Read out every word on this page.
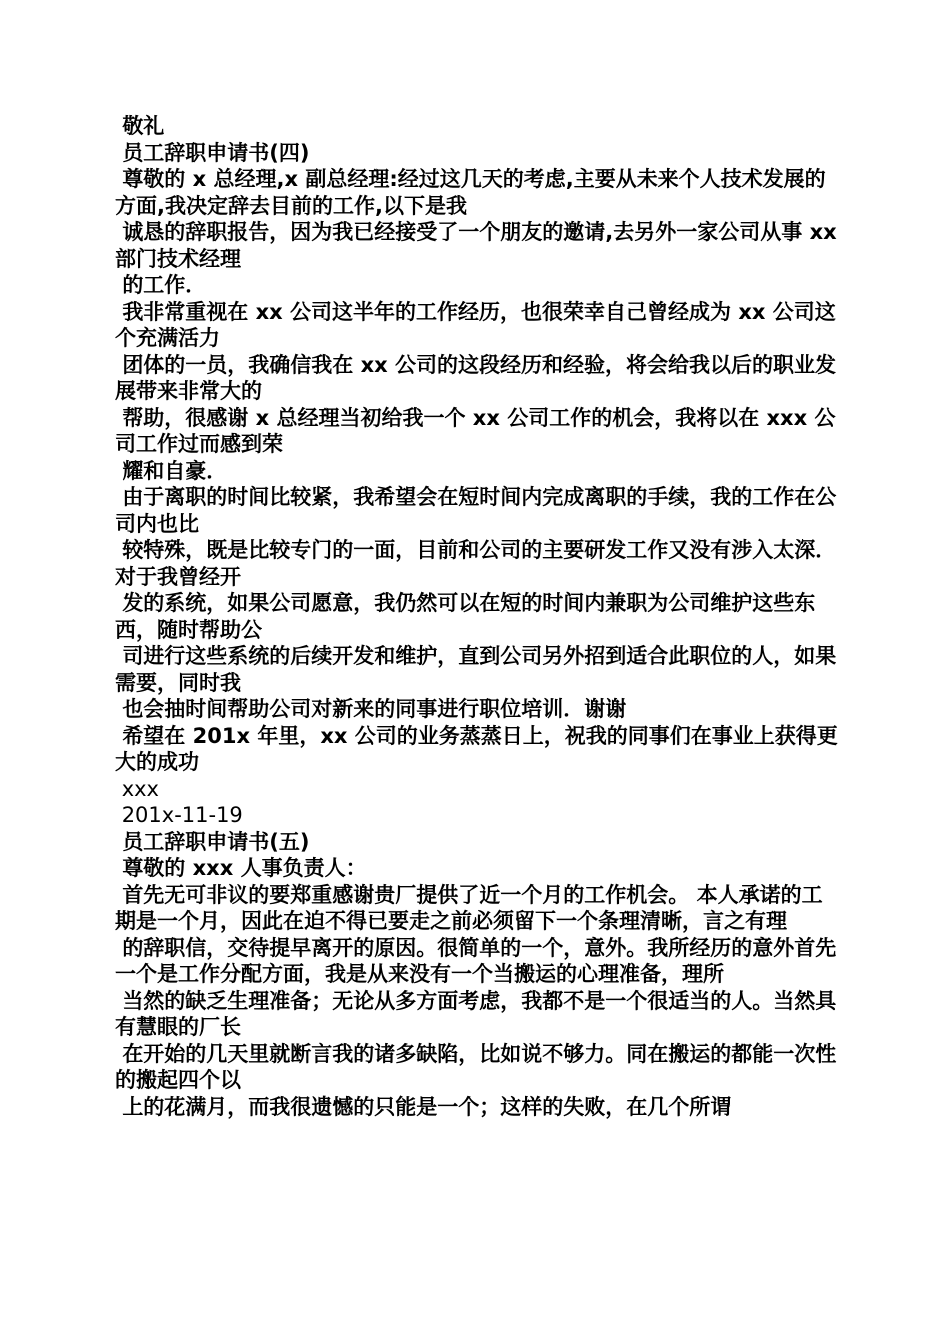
敬礼

员工辞职申请书(四)

尊敬的 x 总经理,x 副总经理:经过这几天的考虑,主要从未来个人技术发展的方面,我决定辞去目前的工作,以下是我

诚恳的辞职报告，因为我已经接受了一个朋友的邀请,去另外一家公司从事 xx 部门技术经理

的工作．

我非常重视在 xx 公司这半年的工作经历，也很荣幸自己曾经成为 xx 公司这个充满活力

团体的一员，我确信我在 xx 公司的这段经历和经验，将会给我以后的职业发展带来非常大的

帮助，很感谢 x 总经理当初给我一个 xx 公司工作的机会，我将以在 xxx 公司工作过而感到荣

耀和自豪．

由于离职的时间比较紧，我希望会在短时间内完成离职的手续，我的工作在公司内也比

较特殊，既是比较专门的一面，目前和公司的主要研发工作又没有涉入太深．对于我曾经开

发的系统，如果公司愿意，我仍然可以在短的时间内兼职为公司维护这些东西，随时帮助公

司进行这些系统的后续开发和维护，直到公司另外招到适合此职位的人，如果需要，同时我

也会抽时间帮助公司对新来的同事进行职位培训．谢谢

希望在 201x 年里，xx 公司的业务蒸蒸日上，祝我的同事们在事业上获得更大的成功

xxx

201x-11-19

员工辞职申请书(五)

尊敬的 xxx 人事负责人：

首先无可非议的要郑重感谢贵厂提供了近一个月的工作机会。 本人承诺的工期是一个月，因此在迫不得已要走之前必须留下一个条理清晰，言之有理

的辞职信，交待提早离开的原因。很简单的一个，意外。我所经历的意外首先一个是工作分配方面，我是从来没有一个当搬运的心理准备，理所

当然的缺乏生理准备；无论从多方面考虑，我都不是一个很适当的人。当然具有慧眼的厂长

在开始的几天里就断言我的诸多缺陷，比如说不够力。同在搬运的都能一次性的搬起四个以

上的花满月，而我很遗憾的只能是一个；这样的失败，在几个所谓
